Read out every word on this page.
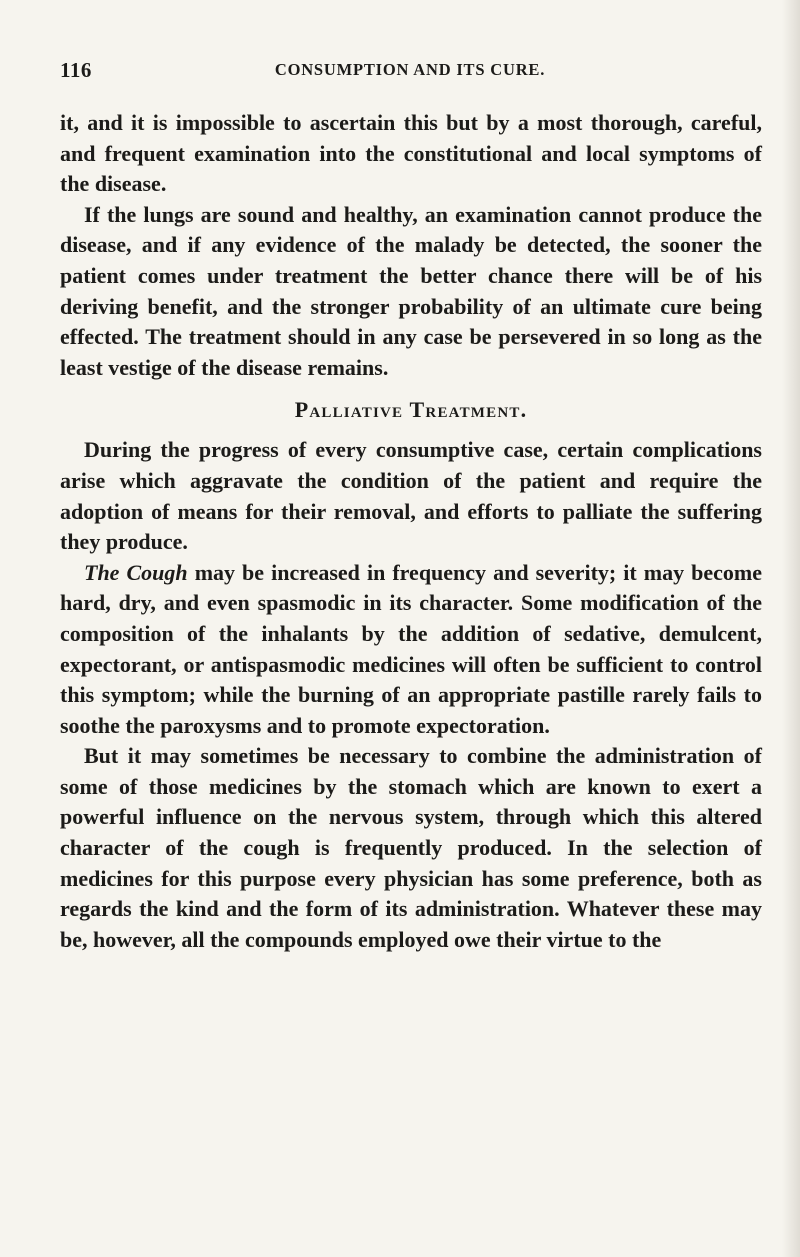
116	CONSUMPTION AND ITS CURE.

it, and it is impossible to ascertain this but by a most thorough, careful, and frequent examination into the constitutional and local symptoms of the disease.

If the lungs are sound and healthy, an examination cannot produce the disease, and if any evidence of the malady be detected, the sooner the patient comes under treatment the better chance there will be of his deriving benefit, and the stronger probability of an ultimate cure being effected. The treatment should in any case be persevered in so long as the least vestige of the disease remains.

Palliative Treatment.

During the progress of every consumptive case, certain complications arise which aggravate the condition of the patient and require the adoption of means for their removal, and efforts to palliate the suffering they produce.

The Cough may be increased in frequency and severity; it may become hard, dry, and even spasmodic in its character. Some modification of the composition of the inhalants by the addition of sedative, demulcent, expectorant, or antispasmodic medicines will often be sufficient to control this symptom; while the burning of an appropriate pastille rarely fails to soothe the paroxysms and to promote expectoration.

But it may sometimes be necessary to combine the administration of some of those medicines by the stomach which are known to exert a powerful influence on the nervous system, through which this altered character of the cough is frequently produced. In the selection of medicines for this purpose every physician has some preference, both as regards the kind and the form of its administration. Whatever these may be, however, all the compounds employed owe their virtue to the
